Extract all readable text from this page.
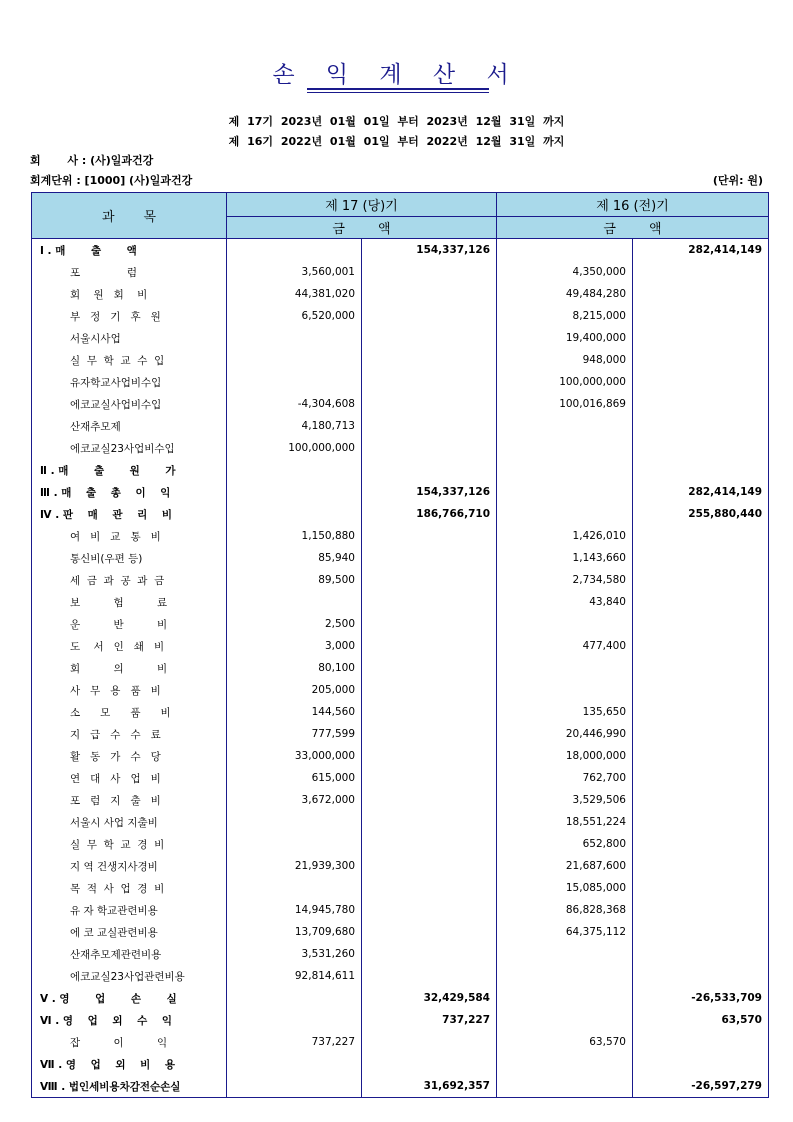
손 익 계 산 서
제 17기 2023년 01월 01일 부터 2023년 12월 31일 까지
제 16기 2022년 01월 01일 부터 2022년 12월 31일 까지
회       사 : (사)일과건강
회계단위 : [1000] (사)일과건강	(단위: 원)
과       목	제 17 (당)기		제 16 (전)기	
	금        액		금        액	
Ⅰ . 매       출       액		154,337,126		282,414,149
포              럼	3,560,001		4,350,000	
회    원   회    비	44,381,020		49,484,280	
부   정   기   후   원	6,520,000		8,215,000	
서울시사업			19,400,000	
실  무  학  교  수  입			948,000	
유자학교사업비수입			100,000,000	
에코교실사업비수입	-4,304,608		100,016,869	
산재추모제	4,180,713			
에코교실23사업비수입	100,000,000			
Ⅱ . 매       출       원       가				
Ⅲ . 매    출    총    이    익		154,337,126		282,414,149
Ⅳ . 판    매    관    리    비		186,766,710		255,880,440
여   비   교   통   비	1,150,880		1,426,010	
통신비(우편 등)	85,940		1,143,660	
세  금  과  공  과  금	89,500		2,734,580	
보          험          료			43,840	
운          반          비	2,500			
도    서   인   쇄   비	3,000		477,400	
회          의          비	80,100			
사   무   용   품   비	205,000			
소      모      품      비	144,560		135,650	
지   급   수   수   료	777,599		20,446,990	
활   동   가   수   당	33,000,000		18,000,000	
연   대   사   업   비	615,000		762,700	
포   럼   지   출   비	3,672,000		3,529,506	
서울시 사업 지출비			18,551,224	
실  무  학  교  경  비			652,800	
지 역 건생지사경비	21,939,300		21,687,600	
목  적  사  업  경  비			15,085,000	
유 자 학교관련비용	14,945,780		86,828,368	
에 코 교실관련비용	13,709,680		64,375,112	
산재추모제관련비용	3,531,260			
에코교실23사업관련비용	92,814,611			
Ⅴ . 영       업       손       실		32,429,584		-26,533,709
Ⅵ . 영    업    외    수    익		737,227		63,570
잡          이          익	737,227		63,570	
Ⅶ . 영    업    외    비    용				
Ⅷ . 법인세비용차감전순손실		31,692,357		-26,597,279
